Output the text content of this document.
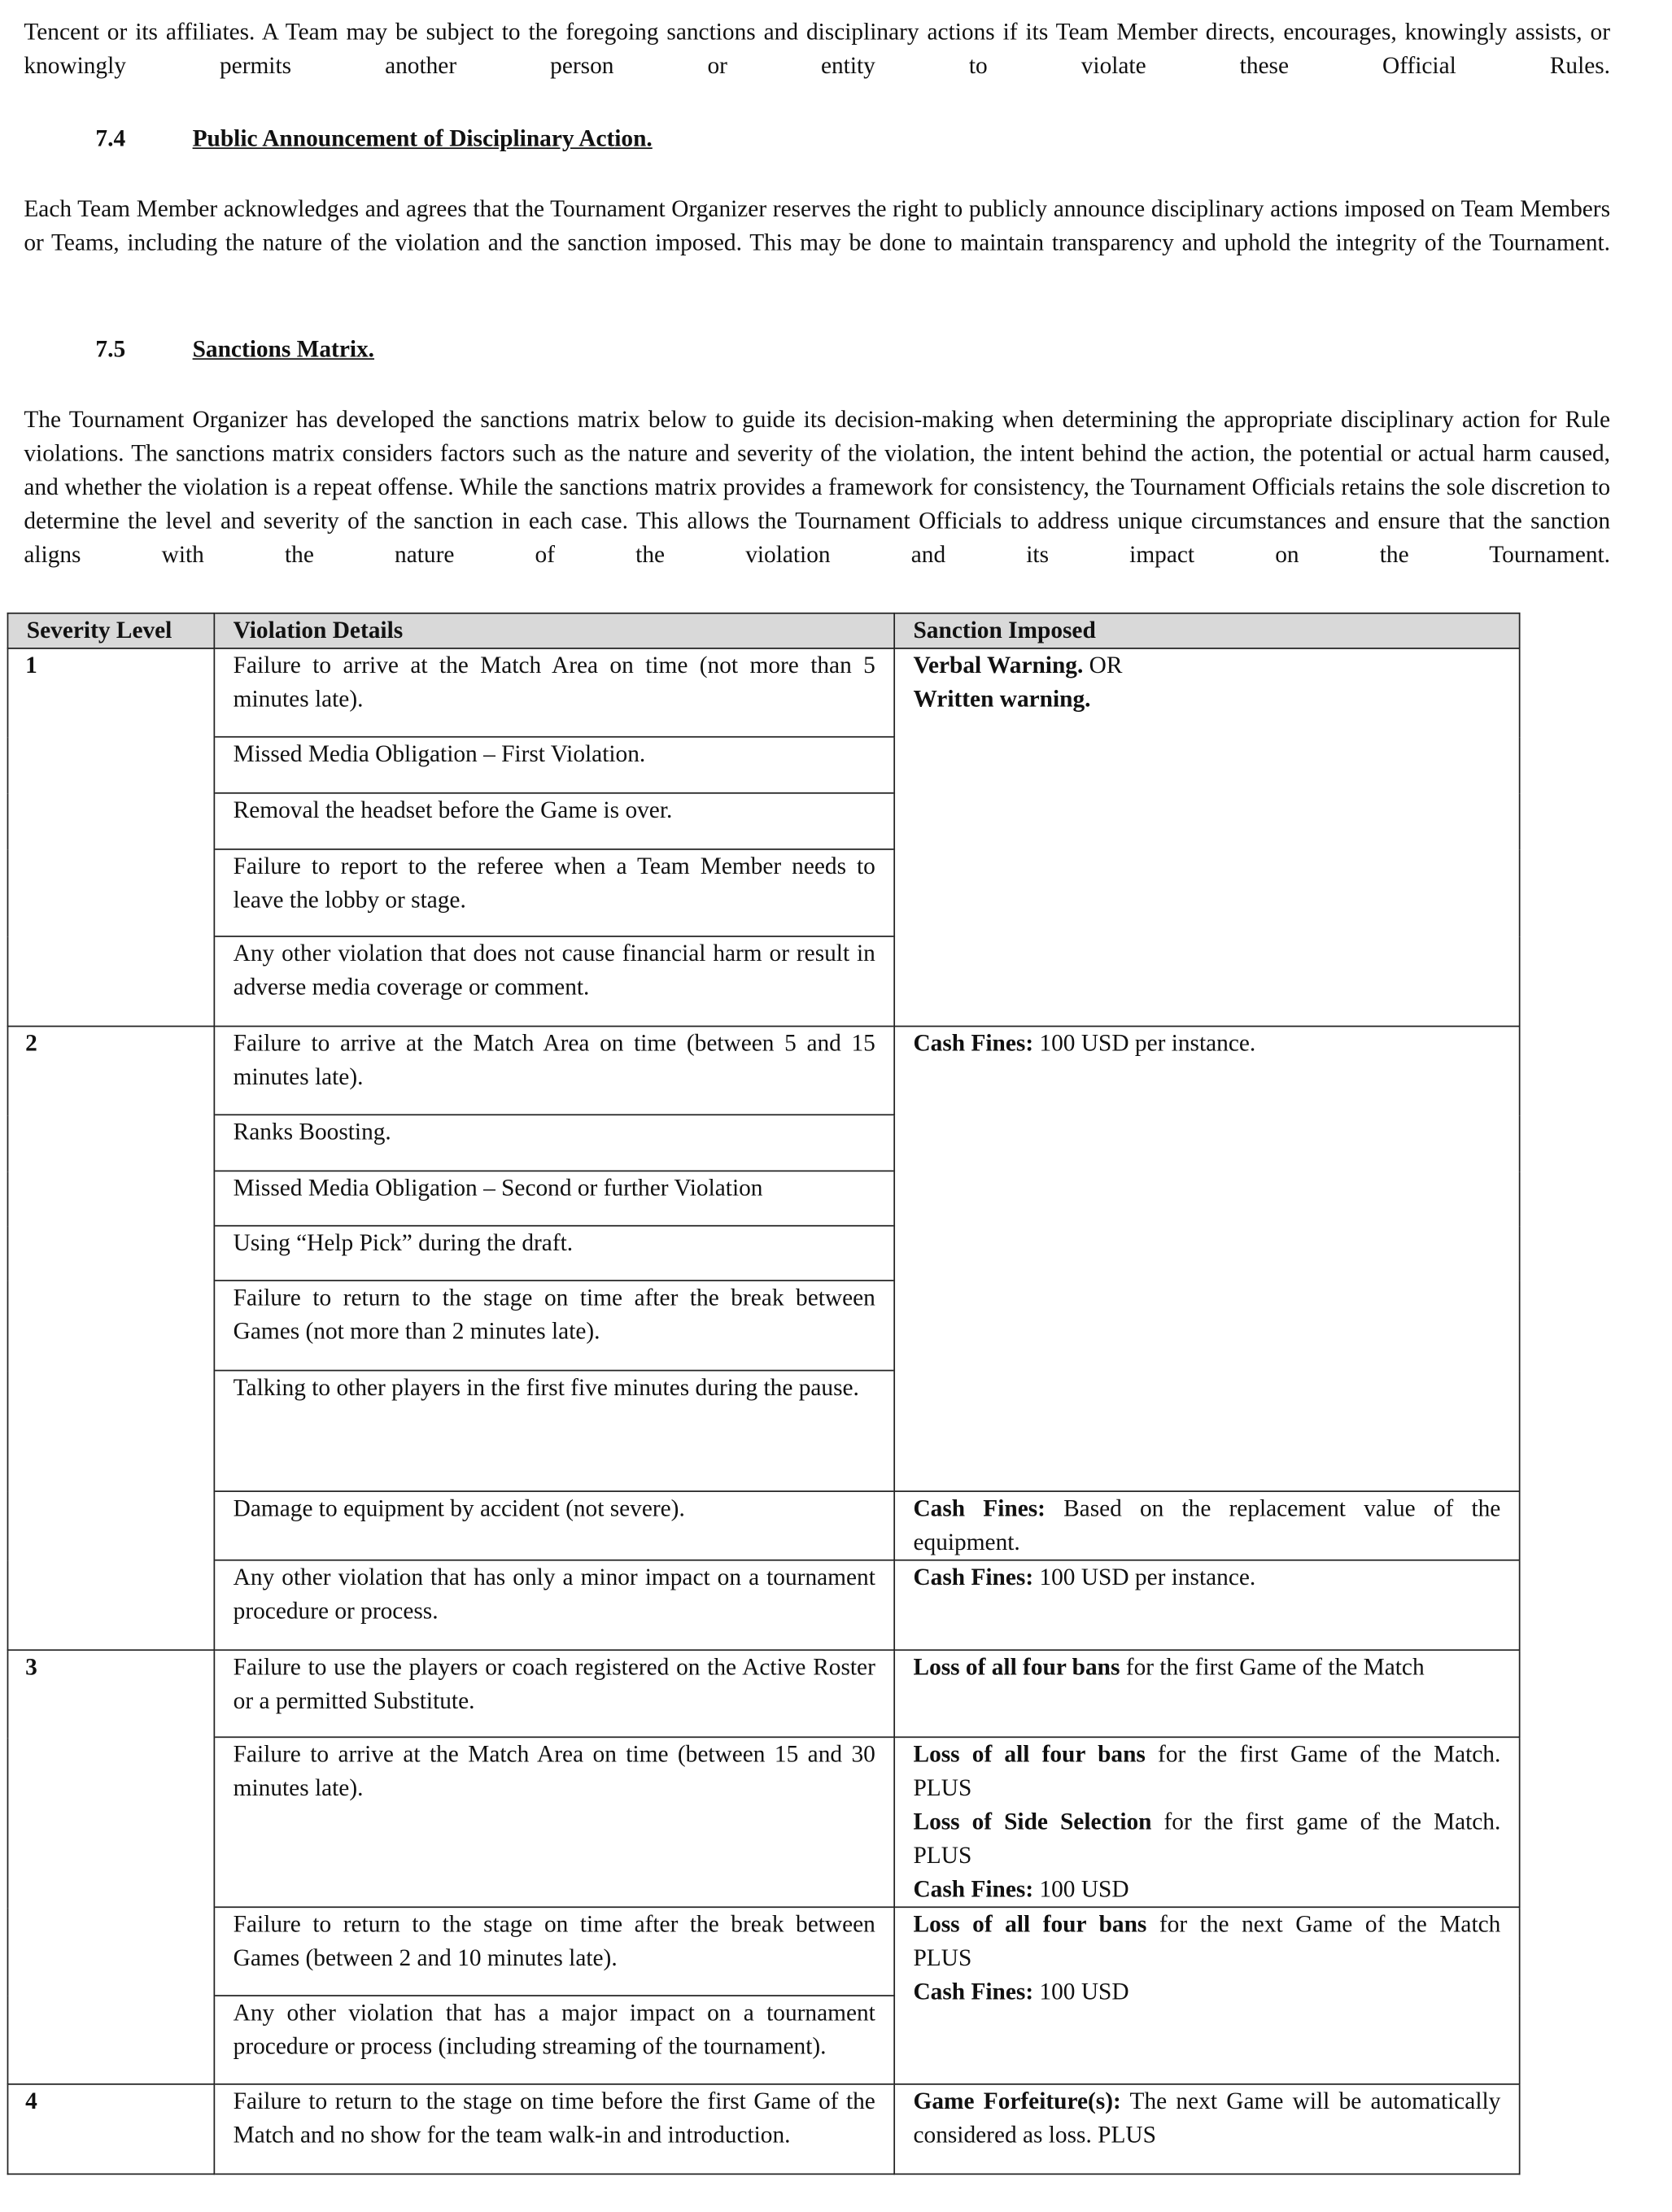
Tencent or its affiliates. A Team may be subject to the foregoing sanctions and disciplinary actions if its Team Member directs, encourages, knowingly assists, or knowingly permits another person or entity to violate these Official Rules.
7.4	Public Announcement of Disciplinary Action.
Each Team Member acknowledges and agrees that the Tournament Organizer reserves the right to publicly announce disciplinary actions imposed on Team Members or Teams, including the nature of the violation and the sanction imposed. This may be done to maintain transparency and uphold the integrity of the Tournament.
7.5	Sanctions Matrix.
The Tournament Organizer has developed the sanctions matrix below to guide its decision-making when determining the appropriate disciplinary action for Rule violations. The sanctions matrix considers factors such as the nature and severity of the violation, the intent behind the action, the potential or actual harm caused, and whether the violation is a repeat offense. While the sanctions matrix provides a framework for consistency, the Tournament Officials retains the sole discretion to determine the level and severity of the sanction in each case. This allows the Tournament Officials to address unique circumstances and ensure that the sanction aligns with the nature of the violation and its impact on the Tournament.
Severity Level	Violation Details	Sanction Imposed
1	Failure to arrive at the Match Area on time (not more than 5 minutes late).	Verbal Warning. OR
Written warning.

	Missed Media Obligation – First Violation.	
	Removal the headset before the Game is over.	
	Failure to report to the referee when a Team Member needs to leave the lobby or stage.	
	Any other violation that does not cause financial harm or result in adverse media coverage or comment.	
2	Failure to arrive at the Match Area on time (between 5 and 15 minutes late).	Cash Fines: 100 USD per instance.
	Ranks Boosting.	
	Missed Media Obligation – Second or further Violation	
	Using “Help Pick” during the draft.	
	Failure to return to the stage on time after the break between Games (not more than 2 minutes late).	
	Talking to other players in the first five minutes during the pause.	
	Damage to equipment by accident (not severe).	Cash Fines: Based on the replacement value of the equipment.
	Any other violation that has only a minor impact on a tournament procedure or process.	Cash Fines: 100 USD per instance.
3	Failure to use the players or coach registered on the Active Roster or a permitted Substitute.	Loss of all four bans for the first Game of the Match
	Failure to arrive at the Match Area on time (between 15 and 30 minutes late).	Loss of all four bans for the first Game of the Match.
PLUS
Loss of Side Selection for the first game of the Match.
PLUS
Cash Fines: 100 USD

	Failure to return to the stage on time after the break between Games (between 2 and 10 minutes late).	Loss of all four bans for the next Game of the Match
PLUS
Cash Fines: 100 USD

	Any other violation that has a major impact on a tournament procedure or process (including streaming of the tournament).	
4	Failure to return to the stage on time before the first Game of the Match and no show for the team walk-in and introduction.	Game Forfeiture(s): The next Game will be automatically considered as loss. PLUS
